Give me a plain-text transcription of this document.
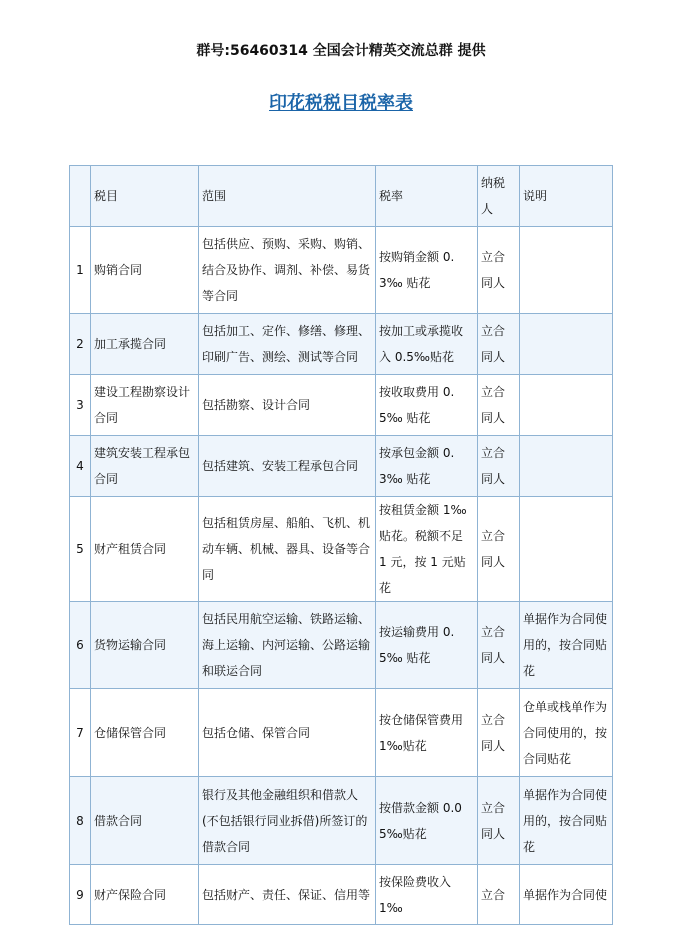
群号:56460314 全国会计精英交流总群 提供
印花税税目税率表
	税目	范围	税率	纳税人	说明
1	购销合同	包括供应、预购、采购、购销、结合及协作、调剂、补偿、易货等合同	按购销金额 0.3‰ 贴花	立合同人	
2	加工承揽合同	包括加工、定作、修缮、修理、印刷广告、测绘、测试等合同	按加工或承揽收入 0.5‰贴花	立合同人	
3	建设工程勘察设计合同	包括勘察、设计合同	按收取费用 0.5‰ 贴花	立合同人	
4	建筑安装工程承包合同	包括建筑、安装工程承包合同	按承包金额 0.3‰ 贴花	立合同人	
5	财产租赁合同	包括租赁房屋、船舶、飞机、机动车辆、机械、器具、设备等合同	按租赁金额 1‰贴花。税额不足 1 元，按 1 元贴花	立合同人	
6	货物运输合同	包括民用航空运输、铁路运输、海上运输、内河运输、公路运输和联运合同	按运输费用 0.5‰ 贴花	立合同人	单据作为合同使用的，按合同贴花
7	仓储保管合同	包括仓储、保管合同	按仓储保管费用 1‰贴花	立合同人	仓单或栈单作为合同使用的，按合同贴花
8	借款合同	银行及其他金融组织和借款人(不包括银行同业拆借)所签订的借款合同	按借款金额 0.05‰贴花	立合同人	单据作为合同使用的，按合同贴花
9	财产保险合同	包括财产、责任、保证、信用等	按保险费收入 1‰	立合	单据作为合同使
